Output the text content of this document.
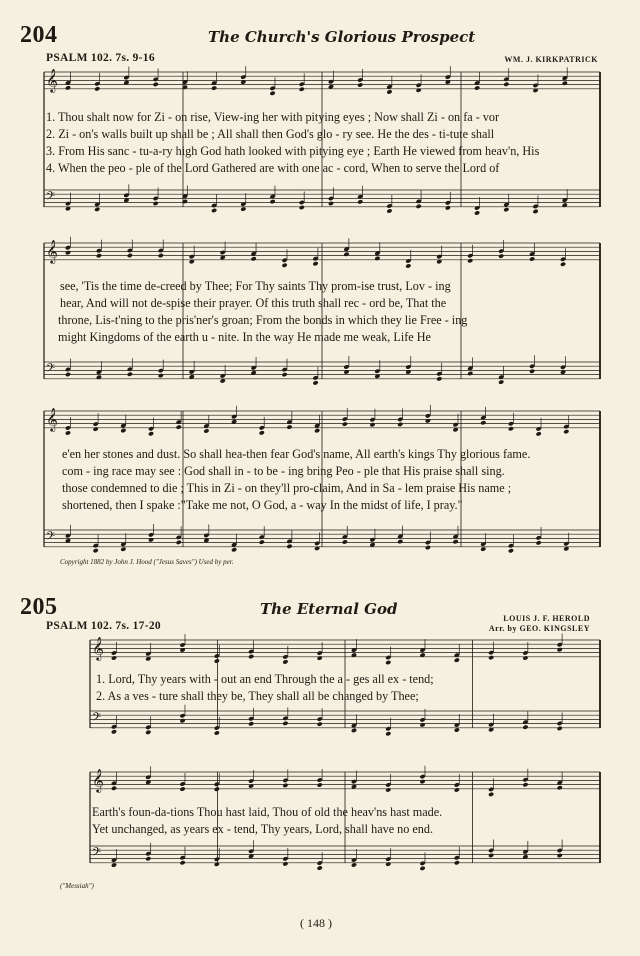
204	The Church's Glorious Prospect
PSALM 102. 7s. 9-16	WM. J. KIRKPATRICK
𝄞
𝄢
𝄞
𝄢
𝄞
𝄢
𝄞
𝄢
𝄞
𝄢
1. Thou shalt now for Zi - on rise, View-ing her with pitying eyes ; Now shall Zi - on fa - vor
2. Zi - on's walls built up shall be ; All shall then God's glo - ry see. He the des - ti-tute shall
3. From His sanc - tu-a-ry high God hath looked with pitying eye ; Earth He viewed from heav'n, His
4. When the peo - ple of the Lord Gathered are with one ac - cord, When to serve the Lord of
see, 'Tis the time de-creed by Thee; For Thy saints Thy prom-ise trust, Lov - ing
hear, And will not de-spise their prayer. Of this truth shall rec - ord be, That the
throne, Lis-t'ning to the pris'ner's groan; From the bonds in which they lie Free - ing
might Kingdoms of the earth u - nite. In the way He made me weak, Life He
e'en her stones and dust. So shall hea-then fear God's name, All earth's kings Thy glorious fame.
com - ing race may see : God shall in - to be - ing bring Peo - ple that His praise shall sing.
those condemned to die ; This in Zi - on they'll pro-claim, And in Sa - lem praise His name ;
shortened, then I spake :"Take me not, O God, a - way In the midst of life, I pray."
Copyright 1882 by John J. Hood ("Jesus Saves") Used by per.
205	The Eternal God
PSALM 102. 7s. 17-20
LOUIS J. F. HEROLD
Arr. by GEO. KINGSLEY
1. Lord, Thy years with - out an end Through the a - ges all ex - tend;
2. As a ves - ture shall they be, They shall all be changed by Thee;
Earth's foun-da-tions Thou hast laid, Thou of old the heav'ns hast made.
Yet unchanged, as years ex - tend, Thy years, Lord, shall have no end.
("Messiah")
( 148 )
